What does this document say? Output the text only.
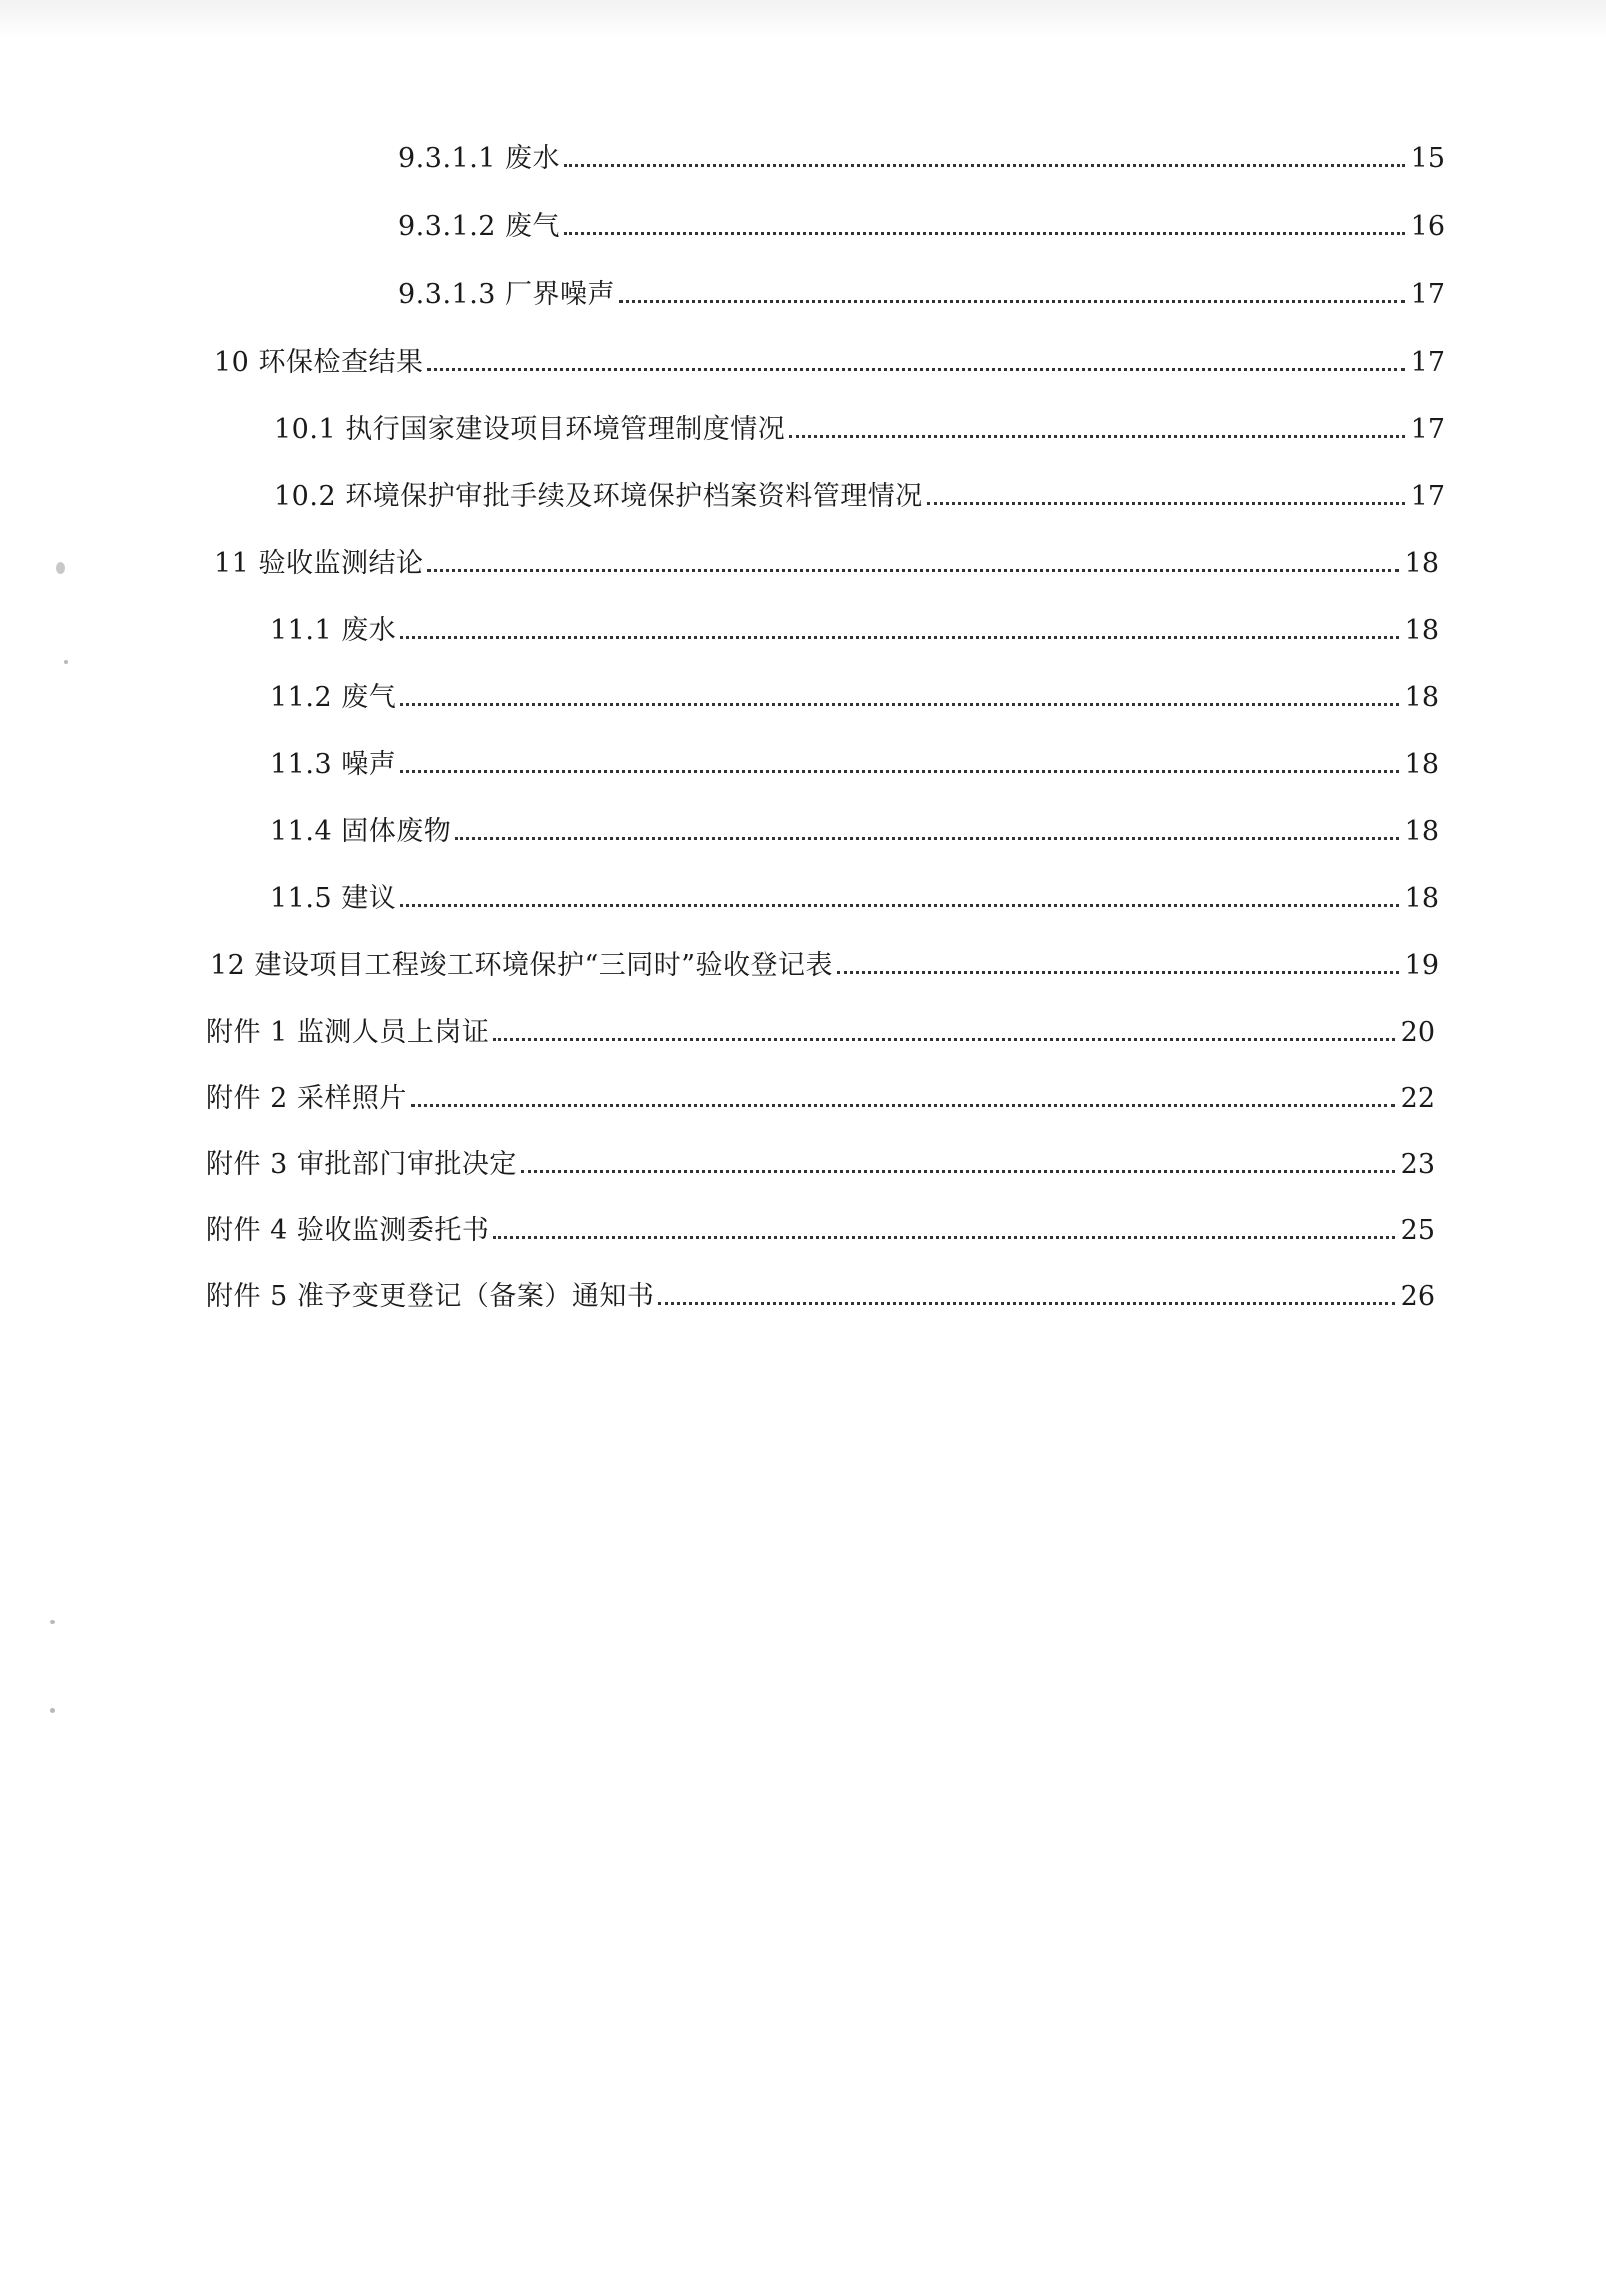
9.3.1.1 废水	15
9.3.1.2 废气	16
9.3.1.3 厂界噪声	17
10 环保检查结果	17
10.1 执行国家建设项目环境管理制度情况	17
10.2 环境保护审批手续及环境保护档案资料管理情况	17
11 验收监测结论	18
11.1 废水	18
11.2 废气	18
11.3 噪声	18
11.4 固体废物	18
11.5 建议	18
12 建设项目工程竣工环境保护“三同时”验收登记表	19
附件 1 监测人员上岗证	20
附件 2 采样照片	22
附件 3 审批部门审批决定	23
附件 4 验收监测委托书	25
附件 5 准予变更登记（备案）通知书	26
